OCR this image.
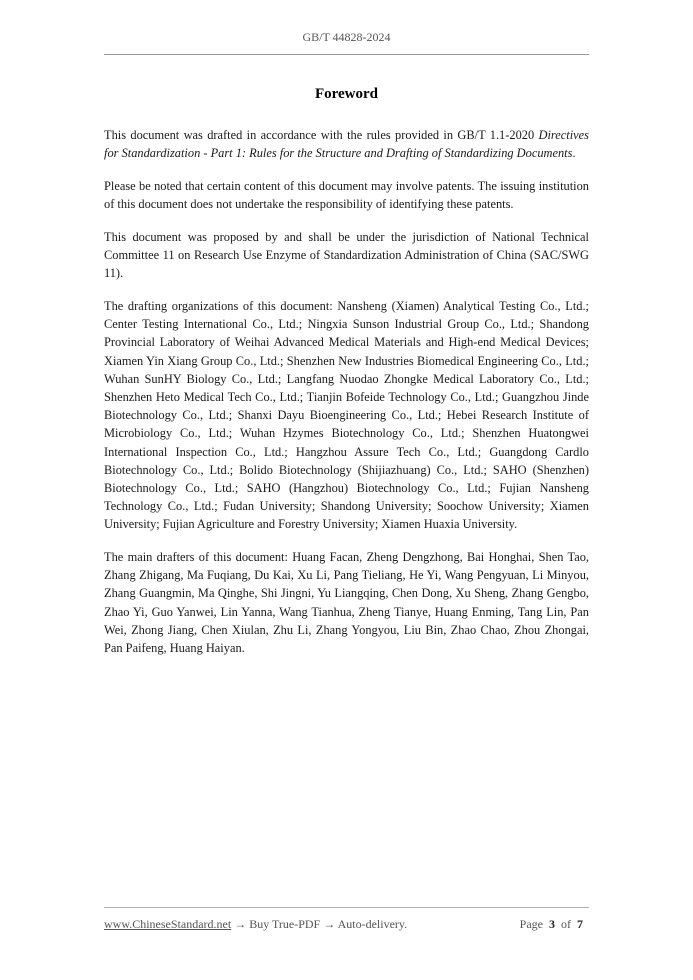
GB/T 44828-2024
Foreword

This document was drafted in accordance with the rules provided in GB/T 1.1-2020 Directives for Standardization - Part 1: Rules for the Structure and Drafting of Standardizing Documents.

Please be noted that certain content of this document may involve patents. The issuing institution of this document does not undertake the responsibility of identifying these patents.

This document was proposed by and shall be under the jurisdiction of National Technical Committee 11 on Research Use Enzyme of Standardization Administration of China (SAC/SWG 11).

The drafting organizations of this document: Nansheng (Xiamen) Analytical Testing Co., Ltd.; Center Testing International Co., Ltd.; Ningxia Sunson Industrial Group Co., Ltd.; Shandong Provincial Laboratory of Weihai Advanced Medical Materials and High-end Medical Devices; Xiamen Yin Xiang Group Co., Ltd.; Shenzhen New Industries Biomedical Engineering Co., Ltd.; Wuhan SunHY Biology Co., Ltd.; Langfang Nuodao Zhongke Medical Laboratory Co., Ltd.; Shenzhen Heto Medical Tech Co., Ltd.; Tianjin Bofeide Technology Co., Ltd.; Guangzhou Jinde Biotechnology Co., Ltd.; Shanxi Dayu Bioengineering Co., Ltd.; Hebei Research Institute of Microbiology Co., Ltd.; Wuhan Hzymes Biotechnology Co., Ltd.; Shenzhen Huatongwei International Inspection Co., Ltd.; Hangzhou Assure Tech Co., Ltd.; Guangdong Cardlo Biotechnology Co., Ltd.; Bolido Biotechnology (Shijiazhuang) Co., Ltd.; SAHO (Shenzhen) Biotechnology Co., Ltd.; SAHO (Hangzhou) Biotechnology Co., Ltd.; Fujian Nansheng Technology Co., Ltd.; Fudan University; Shandong University; Soochow University; Xiamen University; Fujian Agriculture and Forestry University; Xiamen Huaxia University.

The main drafters of this document: Huang Facan, Zheng Dengzhong, Bai Honghai, Shen Tao, Zhang Zhigang, Ma Fuqiang, Du Kai, Xu Li, Pang Tieliang, He Yi, Wang Pengyuan, Li Minyou, Zhang Guangmin, Ma Qinghe, Shi Jingni, Yu Liangqing, Chen Dong, Xu Sheng, Zhang Gengbo, Zhao Yi, Guo Yanwei, Lin Yanna, Wang Tianhua, Zheng Tianye, Huang Enming, Tang Lin, Pan Wei, Zhong Jiang, Chen Xiulan, Zhu Li, Zhang Yongyou, Liu Bin, Zhao Chao, Zhou Zhongai, Pan Paifeng, Huang Haiyan.

www.ChineseStandard.net → Buy True-PDF → Auto-delivery.	Page 3 of 7
